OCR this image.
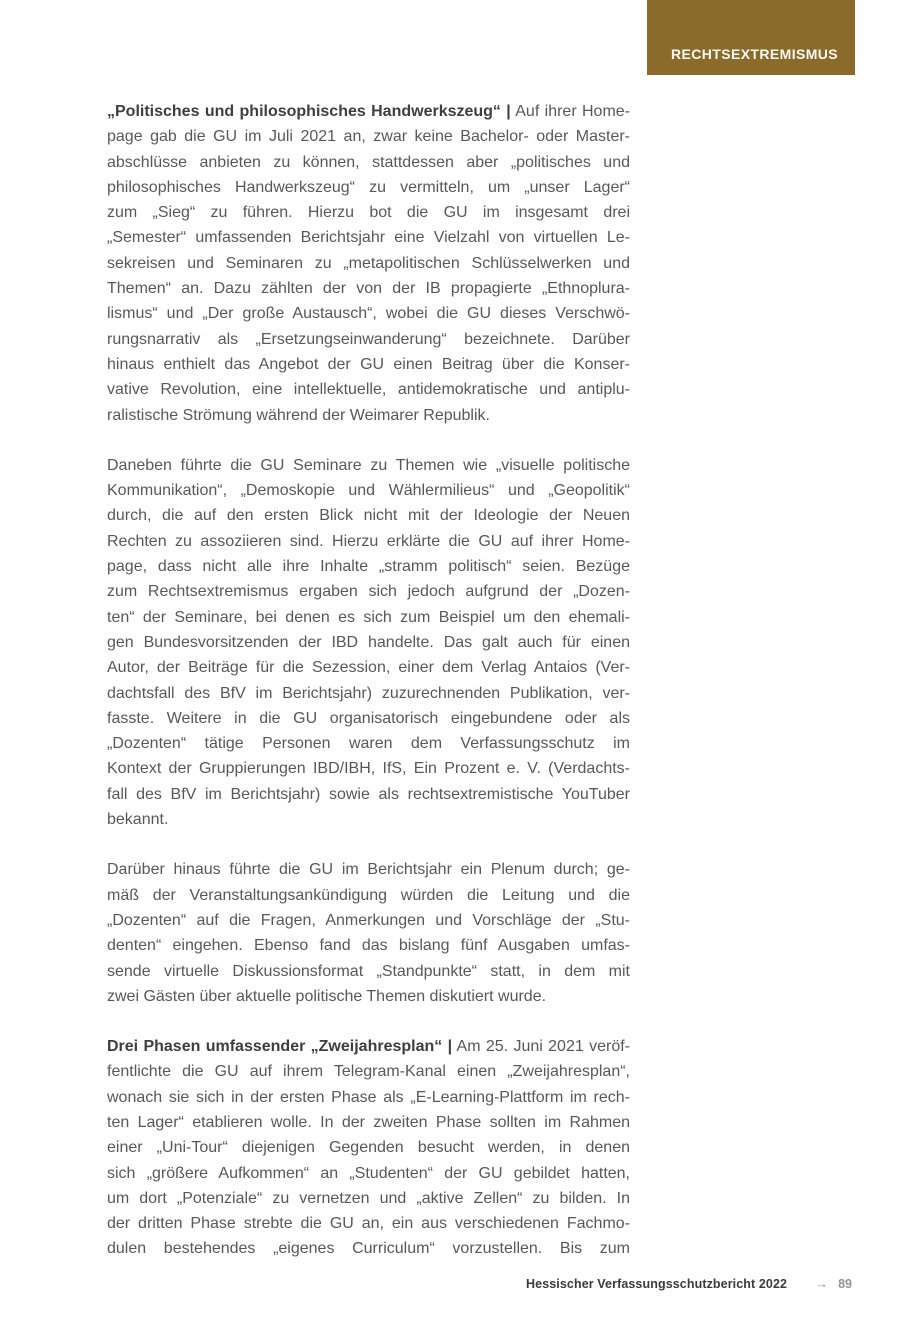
RECHTSEXTREMISMUS
„Politisches und philosophisches Handwerkszeug“ | Auf ihrer Home-
page gab die GU im Juli 2021 an, zwar keine Bachelor- oder Master-
abschlüsse anbieten zu können, stattdessen aber „politisches und
philosophisches Handwerkszeug“ zu vermitteln, um „unser Lager“
zum „Sieg“ zu führen. Hierzu bot die GU im insgesamt drei
„Semester“ umfassenden Berichtsjahr eine Vielzahl von virtuellen Le-
sekreisen und Seminaren zu „metapolitischen Schlüsselwerken und
Themen“ an. Dazu zählten der von der IB propagierte „Ethnoplura-
lismus“ und „Der große Austausch“, wobei die GU dieses Verschwö-
rungsnarrativ als „Ersetzungseinwanderung“ bezeichnete. Darüber
hinaus enthielt das Angebot der GU einen Beitrag über die Konser-
vative Revolution, eine intellektuelle, antidemokratische und antiplu-
ralistische Strömung während der Weimarer Republik.
Daneben führte die GU Seminare zu Themen wie „visuelle politische
Kommunikation“, „Demoskopie und Wählermilieus“ und „Geopolitik“
durch, die auf den ersten Blick nicht mit der Ideologie der Neuen
Rechten zu assoziieren sind. Hierzu erklärte die GU auf ihrer Home-
page, dass nicht alle ihre Inhalte „stramm politisch“ seien. Bezüge
zum Rechtsextremismus ergaben sich jedoch aufgrund der „Dozen-
ten“ der Seminare, bei denen es sich zum Beispiel um den ehemali-
gen Bundesvorsitzenden der IBD handelte. Das galt auch für einen
Autor, der Beiträge für die Sezession, einer dem Verlag Antaios (Ver-
dachtsfall des BfV im Berichtsjahr) zuzurechnenden Publikation, ver-
fasste. Weitere in die GU organisatorisch eingebundene oder als
„Dozenten“ tätige Personen waren dem Verfassungsschutz im
Kontext der Gruppierungen IBD/IBH, IfS, Ein Prozent e. V. (Verdachts-
fall des BfV im Berichtsjahr) sowie als rechtsextremistische YouTuber
bekannt.
Darüber hinaus führte die GU im Berichtsjahr ein Plenum durch; ge-
mäß der Veranstaltungsankündigung würden die Leitung und die
„Dozenten“ auf die Fragen, Anmerkungen und Vorschläge der „Stu-
denten“ eingehen. Ebenso fand das bislang fünf Ausgaben umfas-
sende virtuelle Diskussionsformat „Standpunkte“ statt, in dem mit
zwei Gästen über aktuelle politische Themen diskutiert wurde.
Drei Phasen umfassender „Zweijahresplan“ | Am 25. Juni 2021 veröf-
fentlichte die GU auf ihrem Telegram-Kanal einen „Zweijahresplan“,
wonach sie sich in der ersten Phase als „E-Learning-Plattform im rech-
ten Lager“ etablieren wolle. In der zweiten Phase sollten im Rahmen
einer „Uni-Tour“ diejenigen Gegenden besucht werden, in denen
sich „größere Aufkommen“ an „Studenten“ der GU gebildet hatten,
um dort „Potenziale“ zu vernetzen und „aktive Zellen“ zu bilden. In
der dritten Phase strebte die GU an, ein aus verschiedenen Fachmo-
dulen bestehendes „eigenes Curriculum“ vorzustellen. Bis zum
Hessischer Verfassungsschutzbericht 2022 → 89
